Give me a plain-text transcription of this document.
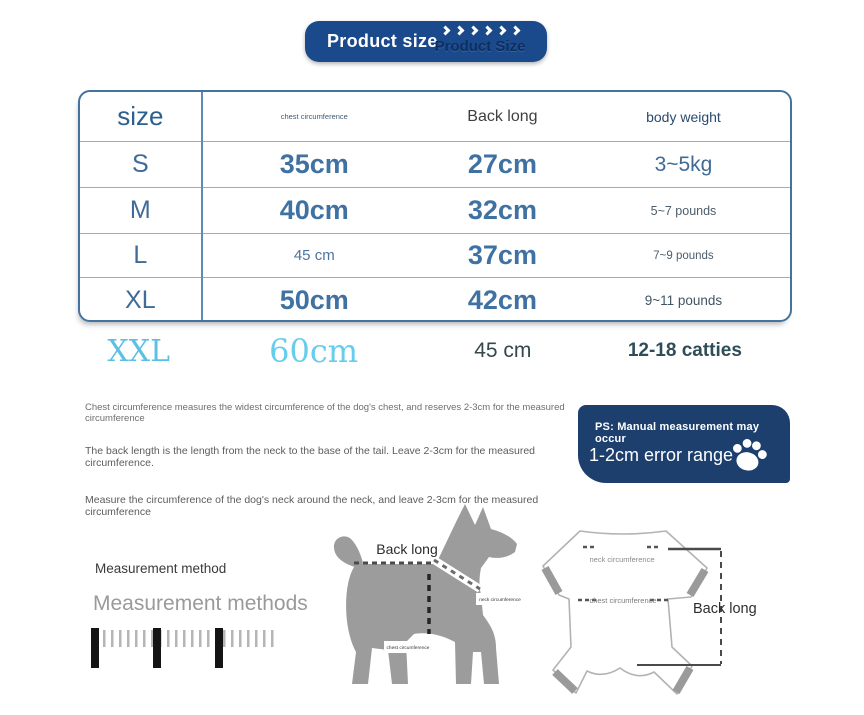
Product size
Product Size
size	chest circumference	Back long	body weight
S	35cm	27cm	3~5kg
M	40cm	32cm	5~7 pounds
L	45 cm	37cm	7~9 pounds
XL	50cm	42cm	9~11 pounds
XXL	60cm	45 cm	12-18 catties
Chest circumference measures the widest circumference of the dog's chest, and reserves 2-3cm for the measured circumference
The back length is the length from the neck to the base of the tail. Leave 2-3cm for the measured circumference.
Measure the circumference of the dog's neck around the neck, and leave 2-3cm for the measured circumference
PS: Manual measurement may occur
1-2cm error range
Measurement method
Measurement methods
Back long
neck circumference
chest circumference
neck circumference
chest circumference
Back long
